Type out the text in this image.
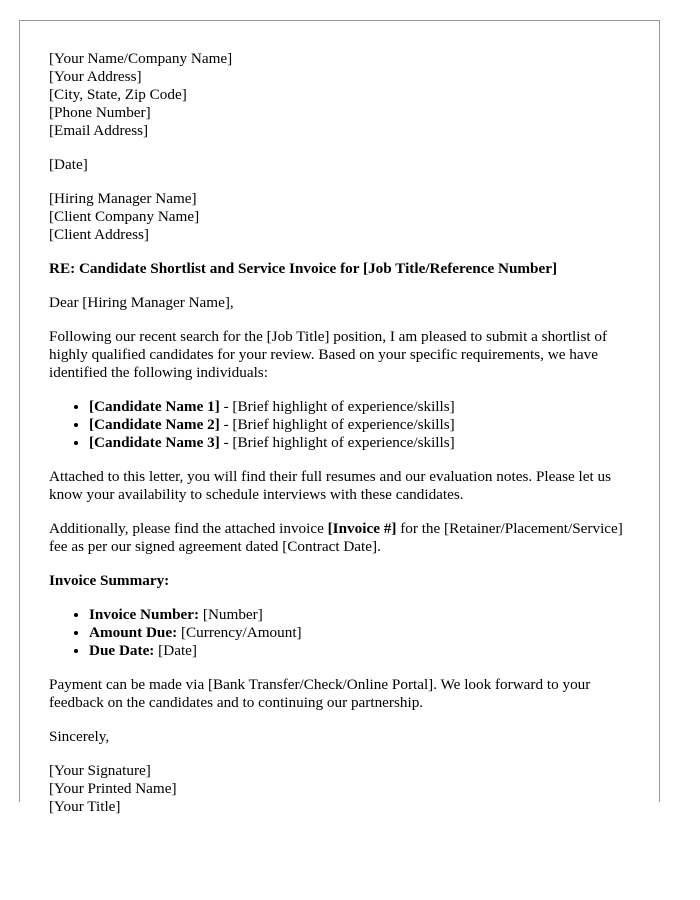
[Your Name/Company Name]
[Your Address]
[City, State, Zip Code]
[Phone Number]
[Email Address]
[Date]
[Hiring Manager Name]
[Client Company Name]
[Client Address]
RE: Candidate Shortlist and Service Invoice for [Job Title/Reference Number]

Dear [Hiring Manager Name],

Following our recent search for the [Job Title] position, I am pleased to submit a shortlist of highly qualified candidates for your review. Based on your specific requirements, we have identified the following individuals:

• [Candidate Name 1] - [Brief highlight of experience/skills]
• [Candidate Name 2] - [Brief highlight of experience/skills]
• [Candidate Name 3] - [Brief highlight of experience/skills]

Attached to this letter, you will find their full resumes and our evaluation notes. Please let us know your availability to schedule interviews with these candidates.

Additionally, please find the attached invoice [Invoice #] for the [Retainer/Placement/Service] fee as per our signed agreement dated [Contract Date].

Invoice Summary:
• Invoice Number: [Number]
• Amount Due: [Currency/Amount]
• Due Date: [Date]

Payment can be made via [Bank Transfer/Check/Online Portal]. We look forward to your feedback on the candidates and to continuing our partnership.

Sincerely,

[Your Signature]
[Your Printed Name]
[Your Title]
